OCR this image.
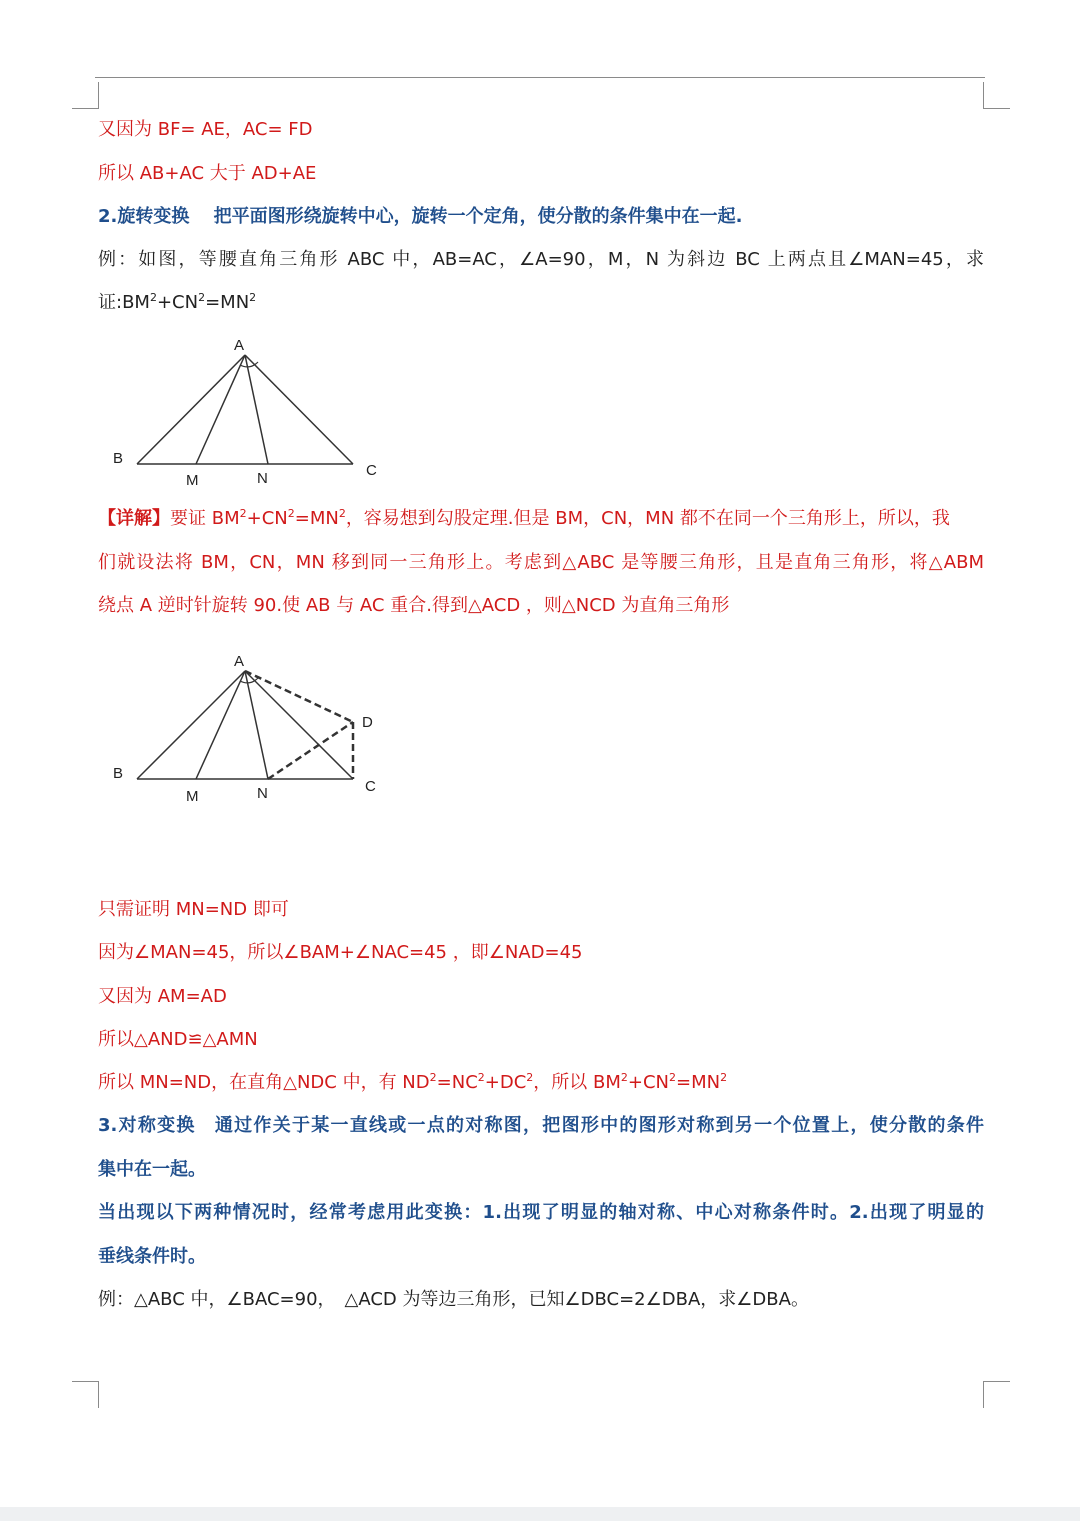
又因为 BF= AE，AC= FD
所以 AB+AC 大于 AD+AE
2.旋转变换　 把平面图形绕旋转中心，旋转一个定角，使分散的条件集中在一起.
例：如图，等腰直角三角形 ABC 中，AB=AC，∠A=90，M，N 为斜边 BC 上两点且∠MAN=45，求
证$:BM^2+CN^2=MN^2$
A
B
C
M	N
【详解】要证 $BM^2+CN^2=MN^2$，容易想到勾股定理.但是 BM，CN，MN 都不在同一个三角形上，所以，我
们就设法将 BM，CN，MN 移到同一三角形上。考虑到△ABC 是等腰三角形，且是直角三角形，将△ABM
绕点 A 逆时针旋转 90.使 AB 与 AC 重合.得到△ACD ，则△NCD 为直角三角形
A
B
C
D
M	N
只需证明 MN=ND 即可
因为∠MAN=45，所以∠BAM+∠NAC=45 ，即∠NAD=45
又因为 AM=AD
所以△AND≌△AMN
所以 MN=ND，在直角△NDC 中，有 $ND^2=NC^2+DC^2$，所以 $BM^2+CN^2=MN^2$
3.对称变换　通过作关于某一直线或一点的对称图，把图形中的图形对称到另一个位置上，使分散的条件
集中在一起。
当出现以下两种情况时，经常考虑用此变换：1.出现了明显的轴对称、中心对称条件时。2.出现了明显的
垂线条件时。
例：△ABC 中，∠BAC=90，　△ACD 为等边三角形，已知∠DBC=2∠DBA，求∠DBA。
